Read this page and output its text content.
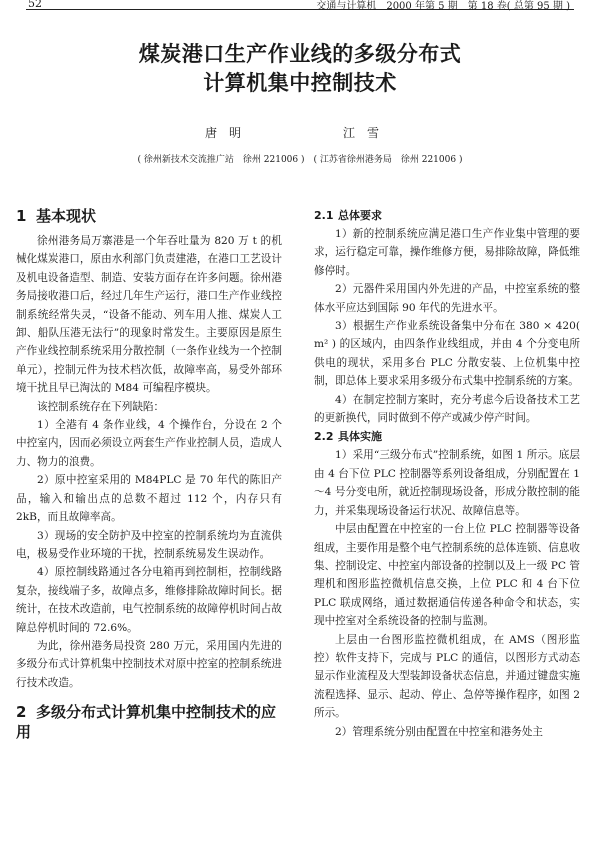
52	交通与计算机　2000 年第 5 期　第 18 卷( 总第 95 期 )
煤炭港口生产作业线的多级分布式
计算机集中控制技术
唐　明	江　雪
( 徐州新技术交流推广站　徐州 221006 )　( 江苏省徐州港务局　徐州 221006 )
1 基本现状

徐州港务局万寨港是一个年吞吐量为 820 万 t 的机械化煤炭港口，原由水利部门负责建港，在港口工艺设计及机电设备造型、制造、安装方面存在许多问题。徐州港务局接收港口后，经过几年生产运行，港口生产作业线控制系统经常失灵，“设备不能动、列车用人推、煤炭人工卸、船队压港无法行”的现象时常发生。主要原因是原生产作业线控制系统采用分散控制（一条作业线为一个控制单元），控制元件为技术档次低，故障率高，易受外部环境干扰且早已淘汰的 M84 可编程序模块。

该控制系统存在下列缺陷：

1）全港有 4 条作业线，4 个操作台，分设在 2 个中控室内，因而必须设立两套生产作业控制人员，造成人力、物力的浪费。

2）原中控室采用的 M84PLC 是 70 年代的陈旧产品，输入和输出点的总数不超过 112 个，内存只有 2kB，而且故障率高。

3）现场的安全防护及中控室的控制系统均为直流供电，极易受作业环境的干扰，控制系统易发生误动作。

4）原控制线路通过各分电箱再到控制柜，控制线路复杂，接线端子多，故障点多，维修排除故障时间长。据统计，在技术改造前，电气控制系统的故障停机时间占故障总停机时间的 72.6%。

为此，徐州港务局投资 280 万元，采用国内先进的多级分布式计算机集中控制技术对原中控室的控制系统进行技术改造。

2 多级分布式计算机集中控制技术的应用
2.1 总体要求

1）新的控制系统应满足港口生产作业集中管理的要求，运行稳定可靠，操作维修方便，易排除故障，降低维修停时。

2）元器件采用国内外先进的产品，中控室系统的整体水平应达到国际 90 年代的先进水平。

3）根据生产作业系统设备集中分布在 380 × 420( m² ) 的区域内，由四条作业线组成，并由 4 个分变电所供电的现状，采用多台 PLC 分散安装、上位机集中控制，即总体上要求采用多级分布式集中控制系统的方案。

4）在制定控制方案时，充分考虑今后设备技术工艺的更新换代，同时做到不停产或减少停产时间。

2.2 具体实施

1）采用“三级分布式”控制系统，如图 1 所示。底层由 4 台下位 PLC 控制器等系列设备组成，分别配置在 1～4 号分变电所，就近控制现场设备，形成分散控制的能力，并采集现场设备运行状况、故障信息等。

中层由配置在中控室的一台上位 PLC 控制器等设备组成，主要作用是整个电气控制系统的总体连锁、信息收集、控制设定、中控室内部设备的控制以及上一级 PC 管理机和图形监控微机信息交换，上位 PLC 和 4 台下位 PLC 联成网络，通过数据通信传递各种命令和状态，实现中控室对全系统设备的控制与监测。

上层由一台图形监控微机组成，在 AMS（图形监控）软件支持下，完成与 PLC 的通信，以图形方式动态显示作业流程及大型装卸设备状态信息，并通过键盘实施流程选择、显示、起动、停止、急停等操作程序，如图 2 所示。

2）管理系统分别由配置在中控室和港务处主
